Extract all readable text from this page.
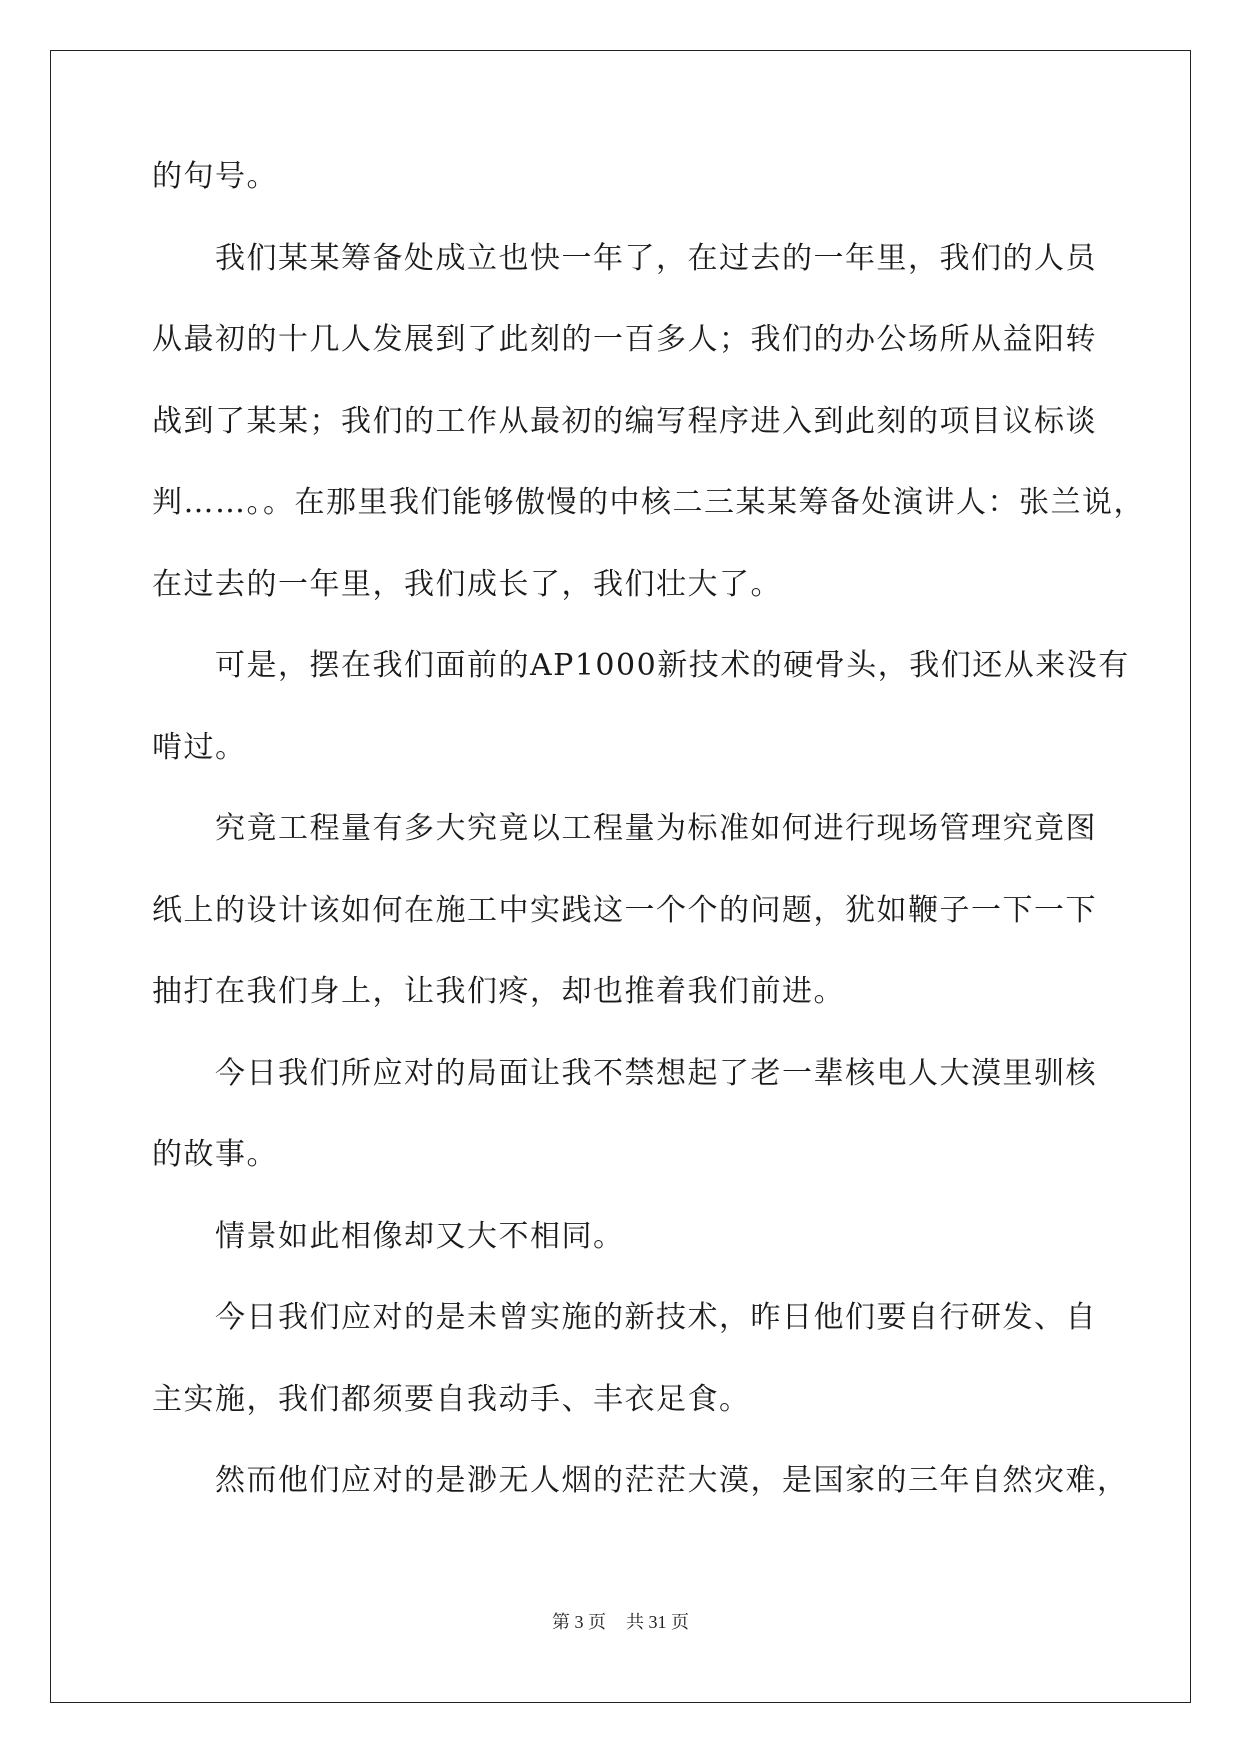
的句号。
我们某某筹备处成立也快一年了，在过去的一年里，我们的人员
从最初的十几人发展到了此刻的一百多人；我们的办公场所从益阳转
战到了某某；我们的工作从最初的编写程序进入到此刻的项目议标谈
判……。。在那里我们能够傲慢的中核二三某某筹备处演讲人：张兰说，
在过去的一年里，我们成长了，我们壮大了。
可是，摆在我们面前的AP1000新技术的硬骨头，我们还从来没有
啃过。
究竟工程量有多大究竟以工程量为标准如何进行现场管理究竟图
纸上的设计该如何在施工中实践这一个个的问题，犹如鞭子一下一下
抽打在我们身上，让我们疼，却也推着我们前进。
今日我们所应对的局面让我不禁想起了老一辈核电人大漠里驯核
的故事。
情景如此相像却又大不相同。
今日我们应对的是未曾实施的新技术，昨日他们要自行研发、自
主实施，我们都须要自我动手、丰衣足食。
然而他们应对的是渺无人烟的茫茫大漠，是国家的三年自然灾难，
第 3 页 共 31 页
